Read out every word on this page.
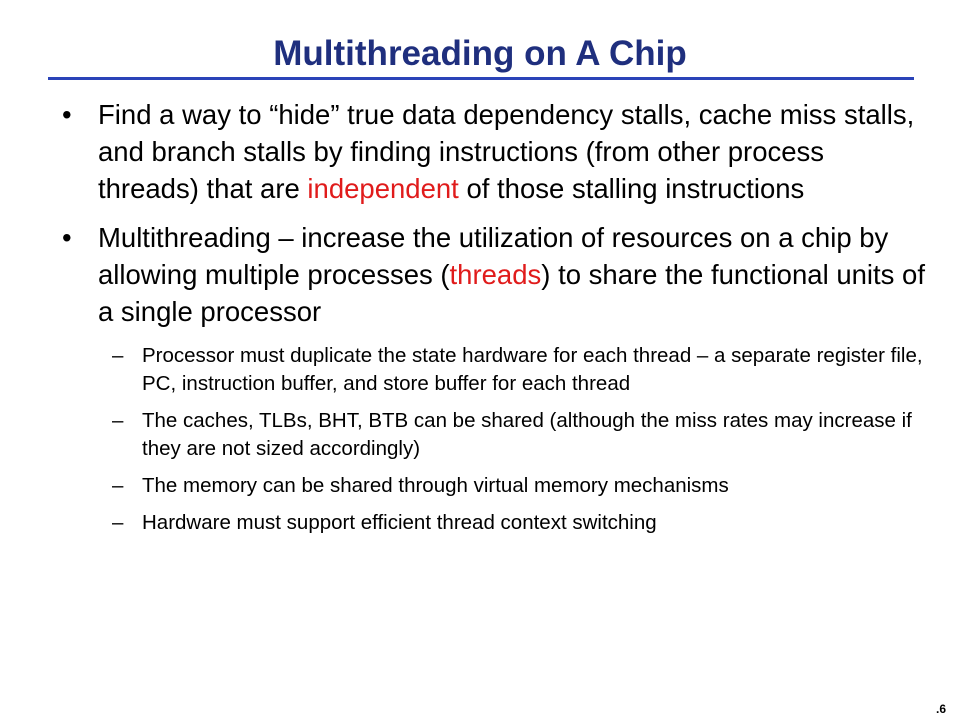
Multithreading on A Chip
• Find a way to “hide” true data dependency stalls, cache miss stalls, and branch stalls by finding instructions (from other process threads) that are independent of those stalling instructions
• Multithreading – increase the utilization of resources on a chip by allowing multiple processes (threads) to share the functional units of a single processor
– Processor must duplicate the state hardware for each thread – a separate register file, PC, instruction buffer, and store buffer for each thread
– The caches, TLBs, BHT, BTB can be shared (although the miss rates may increase if they are not sized accordingly)
– The memory can be shared through virtual memory mechanisms
– Hardware must support efficient thread context switching
.6
